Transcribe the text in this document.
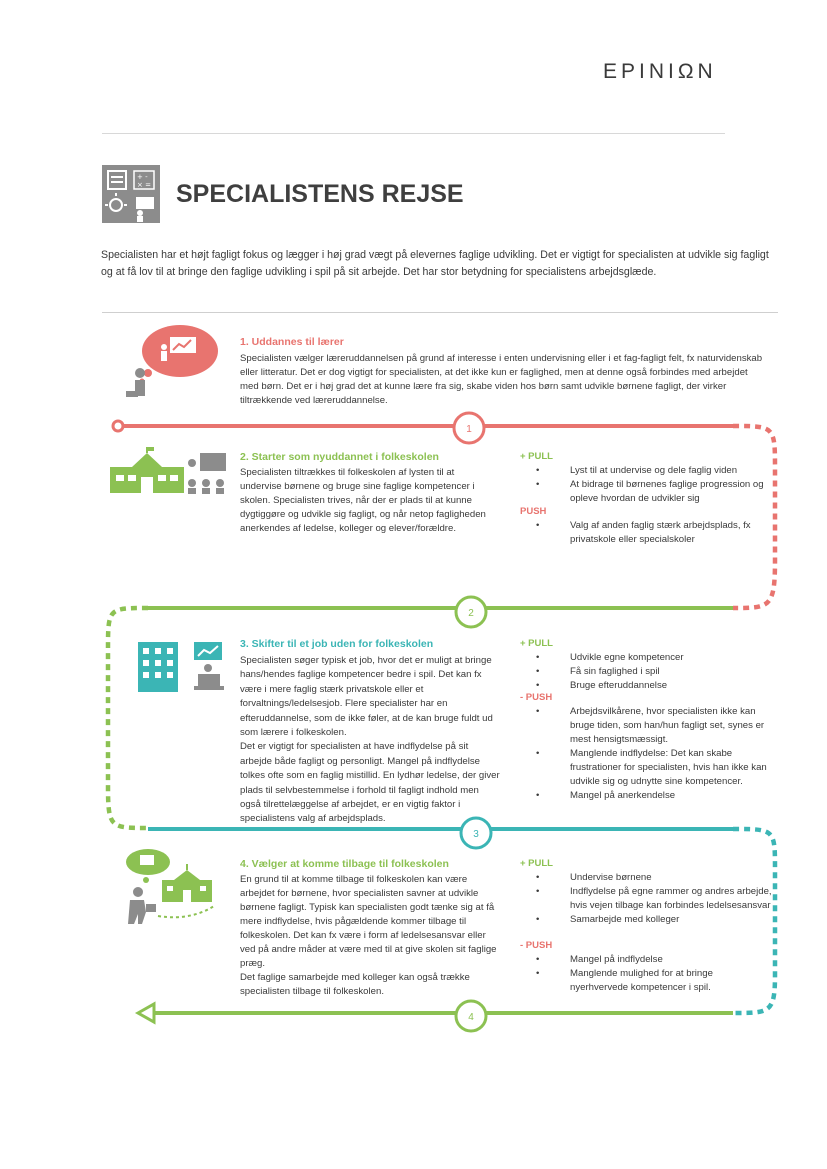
EPINIΩN
+ -
× = SPECIALISTENS REJSE
Specialisten har et højt fagligt fokus og lægger i høj grad vægt på elevernes faglige udvikling. Det er vigtigt for specialisten at udvikle sig fagligt og at få lov til at bringe den faglige udvikling i spil på sit arbejde. Det har stor betydning for specialistens arbejdsglæde.
1
2
3
4
1. Uddannes til lærer
Specialisten vælger læreruddannelsen på grund af interesse i enten undervisning eller i et fag-fagligt felt, fx naturvidenskab eller litteratur. Det er dog vigtigt for specialisten, at det ikke kun er faglighed, men at denne også forbindes med arbejdet med børn. Det er i høj grad det at kunne lære fra sig, skabe viden hos børn samt udvikle børnene fagligt, der virker tiltrækkende ved læreruddannelse.
2. Starter som nyuddannet i folkeskolen
Specialisten tiltrækkes til folkeskolen af lysten til at undervise børnene og bruge sine faglige kompetencer i skolen. Specialisten trives, når der er plads til at kunne dygtiggøre og udvikle sig fagligt, og når netop fagligheden anerkendes af ledelse, kolleger og elever/forældre.
+ PULL
• Lyst til at undervise og dele faglig viden
• At bidrage til børnenes faglige progression og opleve hvordan de udvikler sig
PUSH
• Valg af anden faglig stærk arbejdsplads, fx privatskole eller specialskoler
3. Skifter til et job uden for folkeskolen
Specialisten søger typisk et job, hvor det er muligt at bringe hans/hendes faglige kompetencer bedre i spil. Det kan fx være i mere faglig stærk privatskole eller et forvaltnings/ledelsesjob. Flere specialister har en efteruddannelse, som de ikke føler, at de kan bruge fuldt ud som lærere i folkeskolen.
Det er vigtigt for specialisten at have indflydelse på sit arbejde både fagligt og personligt. Mangel på indflydelse tolkes ofte som en faglig mistillid. En lydhør ledelse, der giver plads til selvbestemmelse i forhold til fagligt indhold men også tilrettelæggelse af arbejdet, er en vigtig faktor i specialistens valg af arbejdsplads.
+ PULL
• Udvikle egne kompetencer
• Få sin faglighed i spil
• Bruge efteruddannelse
- PUSH
• Arbejdsvilkårene, hvor specialisten ikke kan bruge tiden, som han/hun fagligt set, synes er mest hensigtsmæssigt.
• Manglende indflydelse: Det kan skabe frustrationer for specialisten, hvis han ikke kan udvikle sig og udnytte sine kompetencer.
• Mangel på anerkendelse
4. Vælger at komme tilbage til folkeskolen
En grund til at komme tilbage til folkeskolen kan være arbejdet for børnene, hvor specialisten savner at udvikle børnene fagligt. Typisk kan specialisten godt tænke sig at få mere indflydelse, hvis pågældende kommer tilbage til folkeskolen. Det kan fx være i form af ledelsesansvar eller ved på andre måder at være med til at give skolen sit faglige præg.
Det faglige samarbejde med kolleger kan også trække specialisten tilbage til folkeskolen.
+ PULL
• Undervise børnene
• Indflydelse på egne rammer og andres arbejde, hvis vejen tilbage kan forbindes ledelsesansvar
• Samarbejde med kolleger
- PUSH
• Mangel på indflydelse
• Manglende mulighed for at bringe nyerhvervede kompetencer i spil.
